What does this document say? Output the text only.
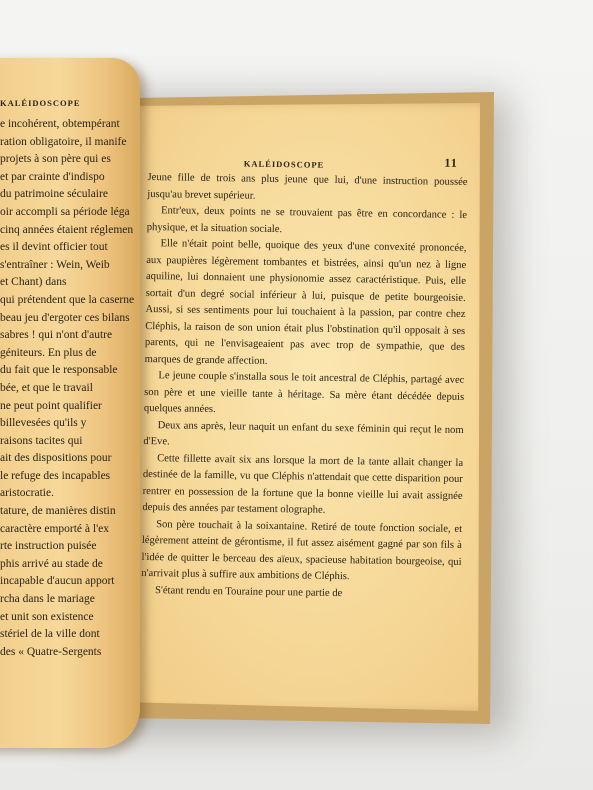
KALÉIDOSCOPE	11

Jeune fille de trois ans plus jeune que lui, d'une instruction poussée jusqu'au brevet supérieur.

Entr'eux, deux points ne se trouvaient pas être en concordance : le physique, et la situation sociale.

Elle n'était point belle, quoique des yeux d'une convexité prononcée, aux paupières légèrement tombantes et bistrées, ainsi qu'un nez à ligne aquiline, lui donnaient une physionomie assez caractéristique. Puis, elle sortait d'un degré social inférieur à lui, puisque de petite bourgeoisie. Aussi, si ses sentiments pour lui touchaient à la passion, par contre chez Cléphis, la raison de son union était plus l'obstination qu'il opposait à ses parents, qui ne l'envisageaient pas avec trop de sympathie, que des marques de grande affection.

Le jeune couple s'installa sous le toit ancestral de Cléphis, partagé avec son père et une vieille tante à héritage. Sa mère étant décédée depuis quelques années.

Deux ans après, leur naquit un enfant du sexe féminin qui reçut le nom d'Eve.

Cette fillette avait six ans lorsque la mort de la tante allait changer la destinée de la famille, vu que Cléphis n'attendait que cette disparition pour rentrer en possession de la fortune que la bonne vieille lui avait assignée depuis des années par testament olographe.

Son père touchait à la soixantaine. Retiré de toute fonction sociale, et légèrement atteint de gérontisme, il fut assez aisément gagné par son fils à l'idée de quitter le berceau des aïeux, spacieuse habitation bourgeoise, qui n'arrivait plus à suffire aux ambitions de Cléphis.

S'étant rendu en Touraine pour une partie de

KALÉIDOSCOPE
e incohérent, obtempérant
ration obligatoire, il manife
projets à son père qui es
et par crainte d'indispo
du patrimoine séculaire
oir accompli sa période léga
cinq années étaient réglemen
es il devint officier tout
s'entraîner : Wein, Weib
et Chant) dans
qui prétendent que la caserne
beau jeu d'ergoter ces bilans
sabres ! qui n'ont d'autre
géniteurs. En plus de
du fait que le responsable
bée, et que le travail
ne peut point qualifier
billevesées qu'ils y
raisons tacites qui
ait des dispositions pour
le refuge des incapables
aristocratie.
tature, de manières distin
caractère emporté à l'ex
rte instruction puisée
phis arrivé au stade de
incapable d'aucun apport
rcha dans le mariage
et unit son existence
stériel de la ville dont
des « Quatre-Sergents
